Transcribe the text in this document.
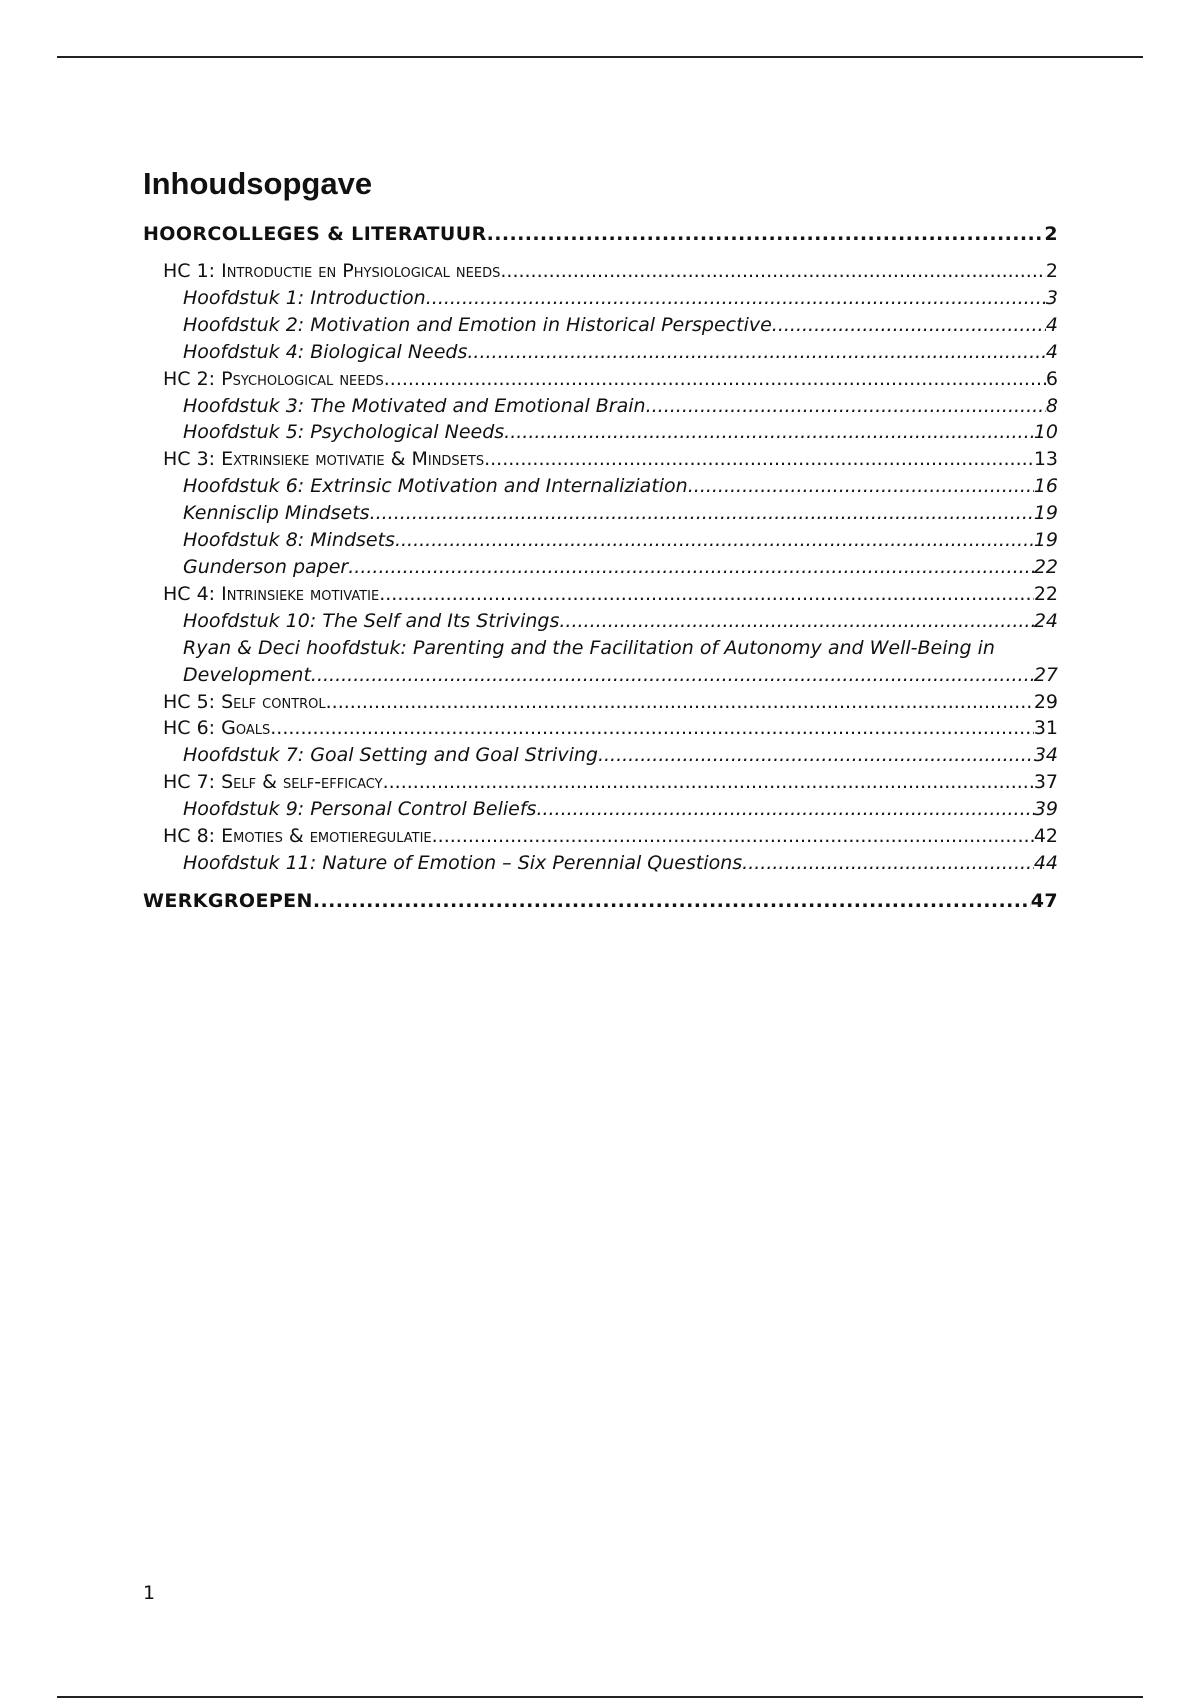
Inhoudsopgave
HOORCOLLEGES & LITERATUUR .....	2
HC 1: Introductie en Physiological needs .....	2
Hoofdstuk 1: Introduction .....	3
Hoofdstuk 2: Motivation and Emotion in Historical Perspective .....	4
Hoofdstuk 4: Biological Needs .....	4
HC 2: Psychological needs .....	6
Hoofdstuk 3: The Motivated and Emotional Brain .....	8
Hoofdstuk 5: Psychological Needs .....	10
HC 3: Extrinsieke motivatie & Mindsets .....	13
Hoofdstuk 6: Extrinsic Motivation and Internaliziation .....	16
Kennisclip Mindsets .....	19
Hoofdstuk 8: Mindsets .....	19
Gunderson paper .....	22
HC 4: Intrinsieke motivatie .....	22
Hoofdstuk 10: The Self and Its Strivings .....	24
Ryan & Deci hoofdstuk: Parenting and the Facilitation of Autonomy and Well-Being in
Development .....	27
HC 5: Self control .....	29
HC 6: Goals .....	31
Hoofdstuk 7: Goal Setting and Goal Striving .....	34
HC 7: Self & self-efficacy .....	37
Hoofdstuk 9: Personal Control Beliefs .....	39
HC 8: Emoties & emotieregulatie .....	42
Hoofdstuk 11: Nature of Emotion – Six Perennial Questions .....	44
WERKGROEPEN .....	47
1
